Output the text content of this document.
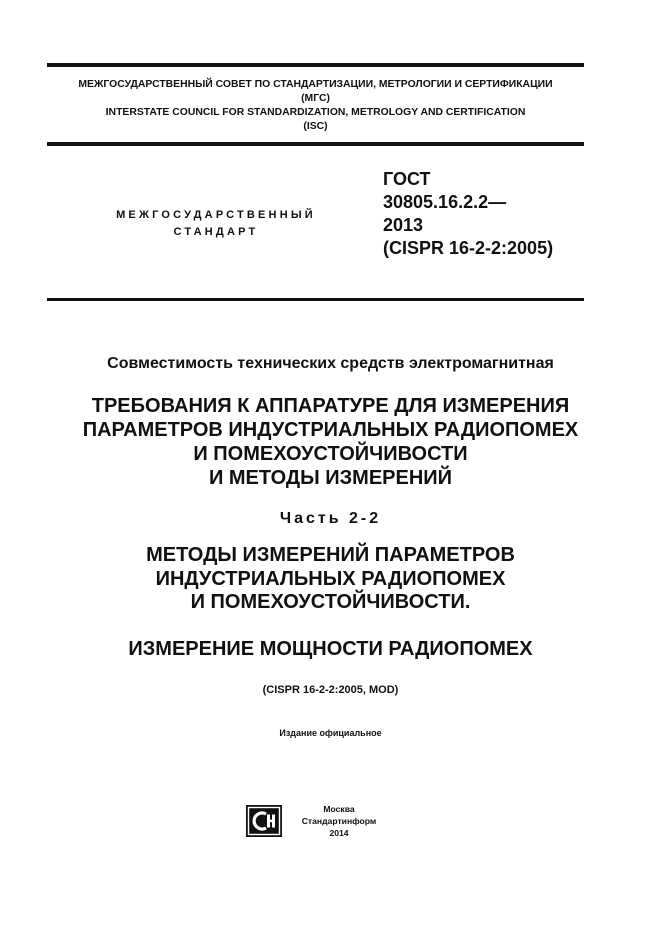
МЕЖГОСУДАРСТВЕННЫЙ СОВЕТ ПО СТАНДАРТИЗАЦИИ, МЕТРОЛОГИИ И СЕРТИФИКАЦИИ
(МГС)
INTERSTATE COUNCIL FOR STANDARDIZATION, METROLOGY AND CERTIFICATION
(ISC)
МЕЖГОСУДАРСТВЕННЫЙ
СТАНДАРТ
ГОСТ
30805.16.2.2—
2013
(CISPR 16-2-2:2005)
Совместимость технических средств электромагнитная
ТРЕБОВАНИЯ К АППАРАТУРЕ ДЛЯ ИЗМЕРЕНИЯ
ПАРАМЕТРОВ ИНДУСТРИАЛЬНЫХ РАДИОПОМЕХ
И ПОМЕХОУСТОЙЧИВОСТИ
И МЕТОДЫ ИЗМЕРЕНИЙ
Часть 2-2
МЕТОДЫ ИЗМЕРЕНИЙ ПАРАМЕТРОВ
ИНДУСТРИАЛЬНЫХ РАДИОПОМЕХ
И ПОМЕХОУСТОЙЧИВОСТИ.
ИЗМЕРЕНИЕ МОЩНОСТИ РАДИОПОМЕХ
(CISPR 16-2-2:2005, MOD)
Издание официальное
Москва
Стандартинформ
2014
